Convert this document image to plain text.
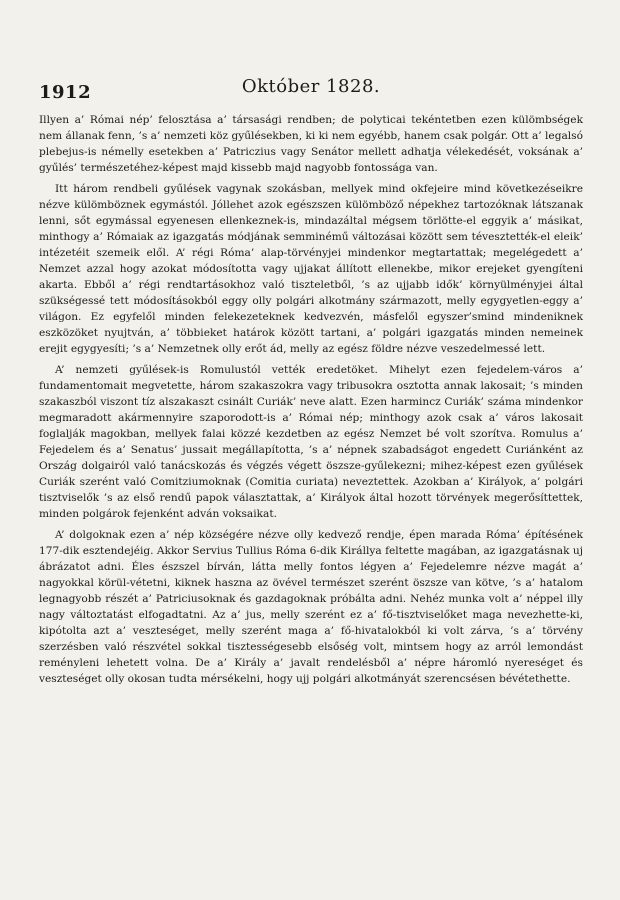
1912	Október 1828.

Illyen a’ Római nép’ felosztása a’ társasági rendben; de polyticai tekéntetben ezen külömbségek nem állanak fenn, ’s a’ nemzeti köz gyűlésekben, ki ki nem egyébb, hanem csak polgár. Ott a’ legalsó plebejus-is némelly esetekben a’ Patriczius vagy Senátor mellett adhatja vélekedését, voksának a’ gyűlés’ természetéhez-képest majd kissebb majd nagyobb fontossága van.

Itt három rendbeli gyűlések vagynak szokásban, mellyek mind okfejeire mind következéseikre nézve külömböznek egymástól. Jóllehet azok egészszen külömböző népekhez tartozóknak látszanak lenni, sőt egymással egyenesen ellenkeznek-is, mindazáltal mégsem törlötte-el eggyik a’ másikat, minthogy a’ Rómaiak az igazgatás módjának semminémű változásai között sem tévesztették-el eleik’ intézetéit szemeik elől. A’ régi Róma’ alap-törvényjei mindenkor megtartattak; megelégedett a’ Nemzet azzal hogy azokat módosította vagy ujjakat állított ellenekbe, mikor erejeket gyengíteni akarta. Ebből a’ régi rendtartásokhoz való tiszteletből, ’s az ujjabb idők’ környülményjei által szükségessé tett módosításokból eggy olly polgári alkotmány származott, melly egygyetlen-eggy a’ világon. Ez egyfelől minden felekezeteknek kedvezvén, másfelől egyszer’smind mindeniknek eszközöket nyujtván, a’ többieket határok között tartani, a’ polgári igazgatás minden nemeinek erejit egygyesíti; ’s a’ Nemzetnek olly erőt ád, melly az egész földre nézve veszedelmessé lett.

A’ nemzeti gyűlések-is Romulustól vették eredetöket. Mihelyt ezen fejedelem-város a’ fundamentomait megvetette, három szakaszokra vagy tribusokra osztotta annak lakosait; ’s minden szakaszból viszont tíz alszakaszt csinált Curiák’ neve alatt. Ezen harmincz Curiák’ száma mindenkor megmaradott akármennyire szaporodott-is a’ Római nép; minthogy azok csak a’ város lakosait foglalják magokban, mellyek falai közzé kezdetben az egész Nemzet bé volt szorítva. Romulus a’ Fejedelem és a’ Senatus’ jussait megállapította, ’s a’ népnek szabadságot engedett Curiánként az Ország dolgairól való tanácskozás és végzés végett öszsze-gyűlekezni; mihez-képest ezen gyűlések Curiák szerént való Comitziumoknak (Comitia curiata) neveztettek. Azokban a’ Királyok, a’ polgári tisztviselők ’s az első rendű papok választattak, a’ Királyok által hozott törvények megerősíttettek, minden polgárok fejenként adván voksaikat.

A’ dolgoknak ezen a’ nép községére nézve olly kedvező rendje, épen marada Róma’ építésének 177-dik esztendejéig. Akkor Servius Tullius Róma 6-dik Királlya feltette magában, az igazgatásnak uj ábrázatot adni. Éles észszel bírván, látta melly fontos légyen a’ Fejedelemre nézve magát a’ nagyokkal körül-vétetni, kiknek haszna az övével természet szerént öszsze van kötve, ’s a’ hatalom legnagyobb részét a’ Patriciusoknak és gazdagoknak próbálta adni. Nehéz munka volt a’ néppel illy nagy változtatást elfogadtatni. Az a’ jus, melly szerént ez a’ fő-tisztviselőket maga nevezhette-ki, kipótolta azt a’ veszteséget, melly szerént maga a’ fő-hivatalokból ki volt zárva, ’s a’ törvény szerzésben való részvétel sokkal tisztességesebb elsőség volt, mintsem hogy az arról lemondást reményleni lehetett volna. De a’ Király a’ javalt rendelésből a’ népre háromló nyereséget és veszteséget olly okosan tudta mérsékelni, hogy ujj polgári alkotmányát szerencsésen bévétethette.
